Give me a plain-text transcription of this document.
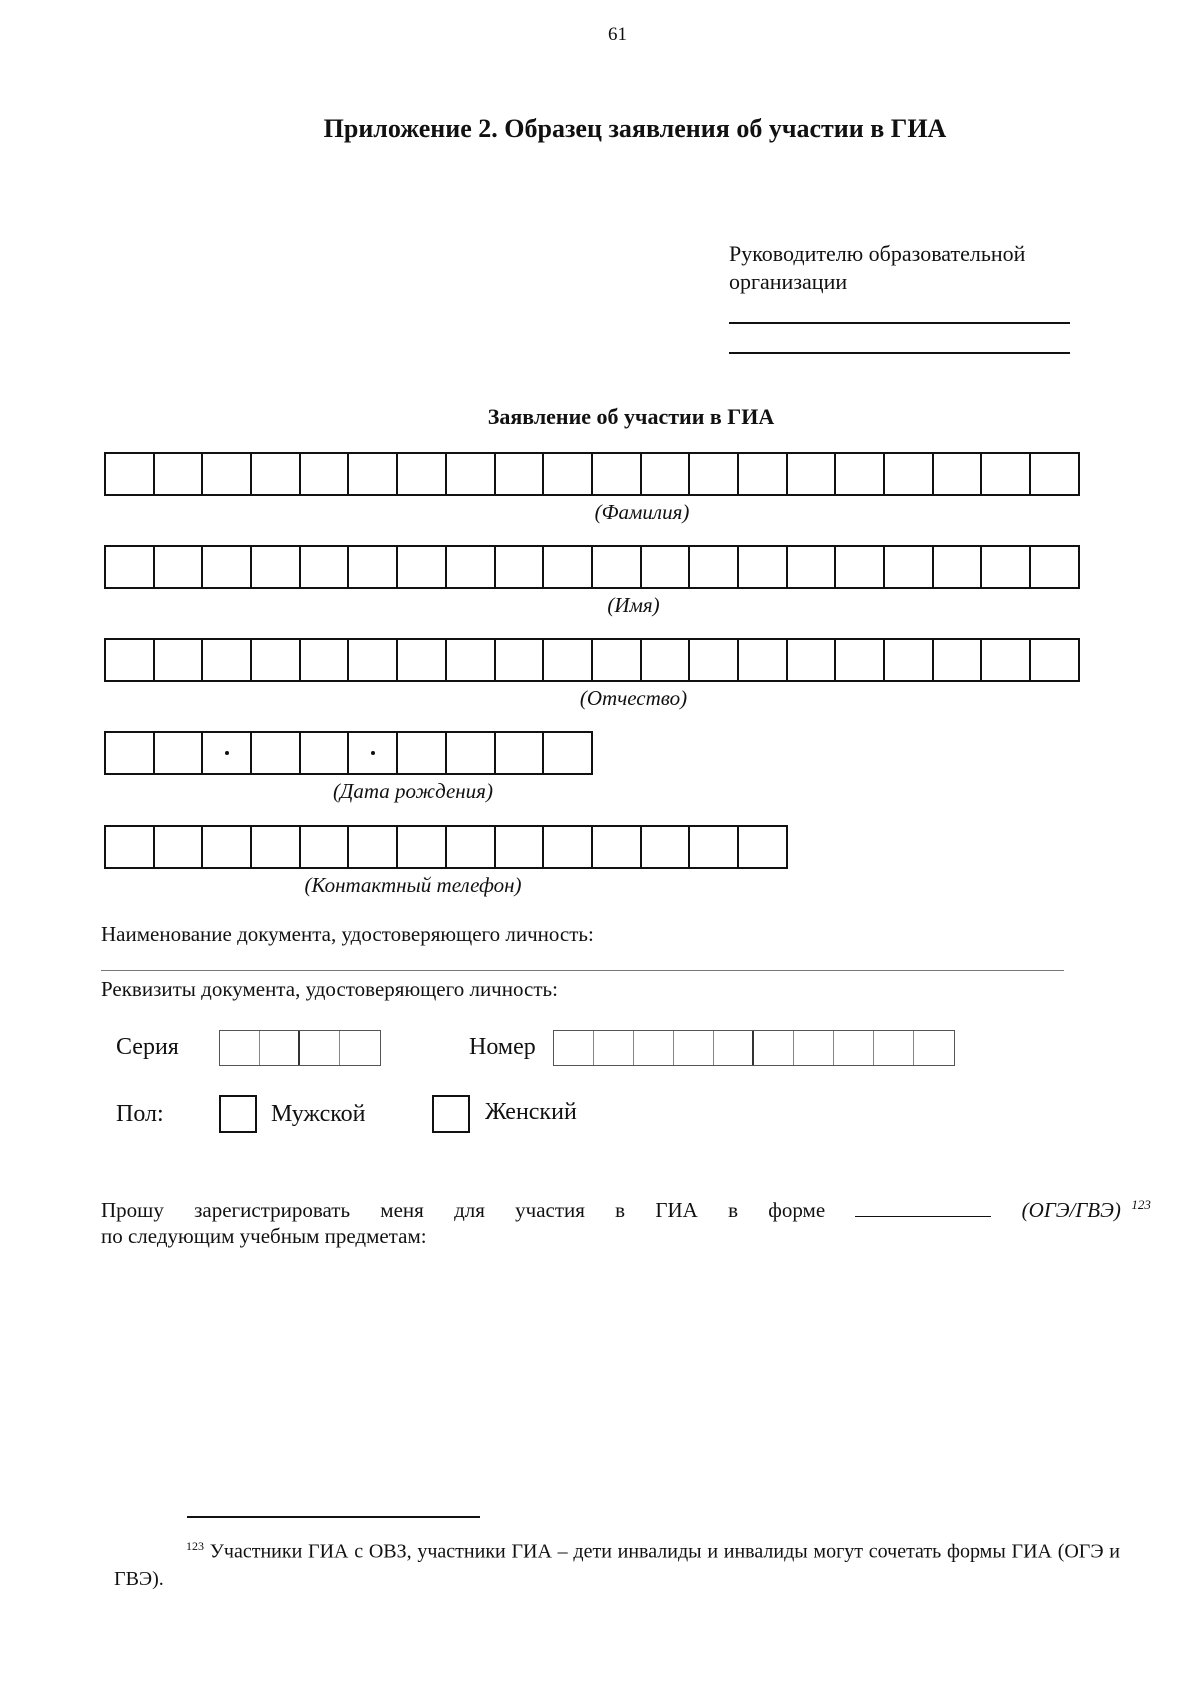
61
Приложение 2. Образец заявления об участии в ГИА
Руководителю образовательной
организации
Заявление об участии в ГИА
(Фамилия)
(Имя)
(Отчество)
(Дата рождения)
(Контактный телефон)
Наименование документа, удостоверяющего личность:
Реквизиты документа, удостоверяющего личность:
Серия	Номер
Пол:	Мужской	Женский
Прошу зарегистрировать меня для участия в ГИА в форме	(ОГЭ/ГВЭ) $^{123}$
по следующим учебным предметам:
$^{123}$ Участники ГИА с ОВЗ, участники ГИА – дети инвалиды и инвалиды могут сочетать формы ГИА (ОГЭ и ГВЭ).
